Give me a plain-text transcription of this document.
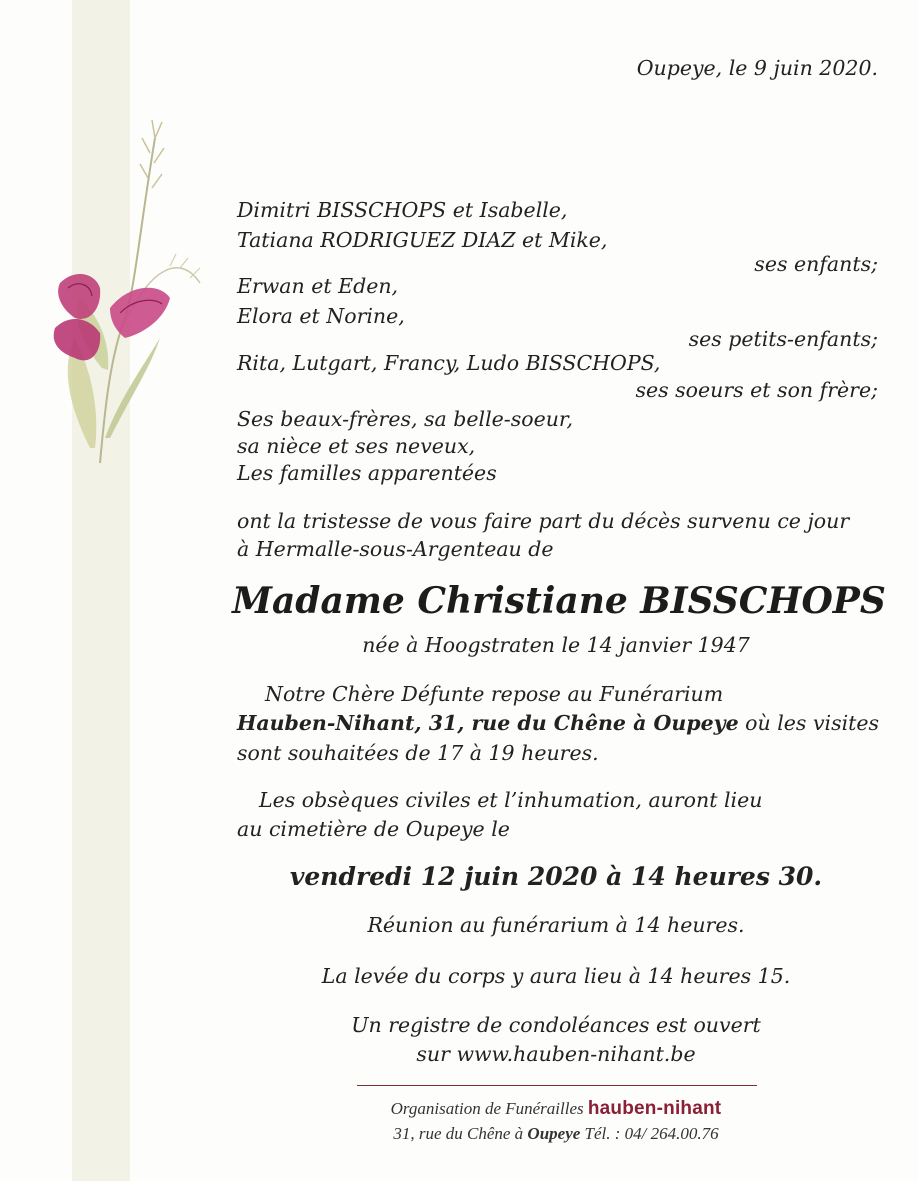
Oupeye, le 9 juin 2020.
Dimitri BISSCHOPS et Isabelle,
Tatiana RODRIGUEZ DIAZ et Mike,
ses enfants;
Erwan et Eden,
Elora et Norine,
ses petits-enfants;
Rita, Lutgart, Francy, Ludo BISSCHOPS,
ses soeurs et son frère;
Ses beaux-frères, sa belle-soeur,
sa nièce et ses neveux,
Les familles apparentées
ont la tristesse de vous faire part du décès survenu ce jour
à Hermalle-sous-Argenteau de
Madame Christiane BISSCHOPS
née à Hoogstraten le 14 janvier 1947
Notre Chère Défunte repose au Funérarium
Hauben-Nihant, 31, rue du Chêne à Oupeye où les visites
sont souhaitées de 17 à 19 heures.
Les obsèques civiles et l’inhumation, auront lieu
au cimetière de Oupeye le
vendredi 12 juin 2020 à 14 heures 30.
Réunion au funérarium à 14 heures.
La levée du corps y aura lieu à 14 heures 15.
Un registre de condoléances est ouvert
sur www.hauben-nihant.be
Organisation de Funérailles hauben-nihant
31, rue du Chêne à Oupeye Tél. : 04/ 264.00.76
